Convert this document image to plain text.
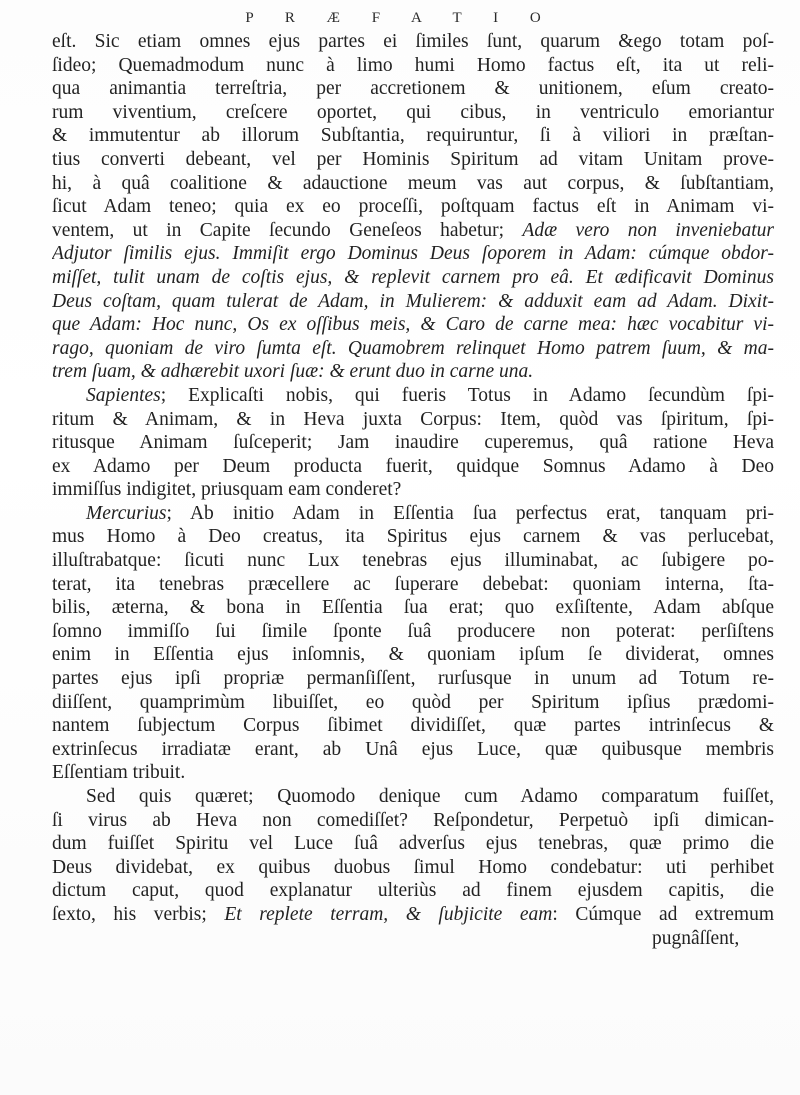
P R Æ F A T I O
eſt. Sic etiam omnes ejus partes ei ſimiles ſunt, quarum &ego totam poſ-
ſideo; Quemadmodum nunc à limo humi Homo factus eſt, ita ut reli-
qua animantia terreſtria, per accretionem & unitionem, eſum creato-
rum viventium, creſcere oportet, qui cibus, in ventriculo emoriantur
& immutentur ab illorum Subſtantia, requiruntur, ſi à viliori in præſtan-
tius converti debeant, vel per Hominis Spiritum ad vitam Unitam prove-
hi, à quâ coalitione & adauctione meum vas aut corpus, & ſubſtantiam,
ſicut Adam teneo; quia ex eo proceſſi, poſtquam factus eſt in Animam vi-
ventem, ut in Capite ſecundo Geneſeos habetur; Adæ vero non inveniebatur
Adjutor ſimilis ejus. Immiſit ergo Dominus Deus ſoporem in Adam: cúmque obdor-
miſſet, tulit unam de coſtis ejus, & replevit carnem pro eâ. Et ædificavit Dominus
Deus coſtam, quam tulerat de Adam, in Mulierem: & adduxit eam ad Adam. Dixit-
que Adam: Hoc nunc, Os ex oſſibus meis, & Caro de carne mea: hæc vocabitur vi-
rago, quoniam de viro ſumta eſt. Quamobrem relinquet Homo patrem ſuum, & ma-
trem ſuam, & adhærebit uxori ſuæ: & erunt duo in carne una.
Sapientes; Explicaſti nobis, qui fueris Totus in Adamo ſecundùm ſpi-
ritum & Animam, & in Heva juxta Corpus: Item, quòd vas ſpiritum, ſpi-
ritusque Animam ſuſceperit; Jam inaudire cuperemus, quâ ratione Heva
ex Adamo per Deum producta fuerit, quidque Somnus Adamo à Deo
immiſſus indigitet, priusquam eam conderet?
Mercurius; Ab initio Adam in Eſſentia ſua perfectus erat, tanquam pri-
mus Homo à Deo creatus, ita Spiritus ejus carnem & vas perlucebat,
illuſtrabatque: ſicuti nunc Lux tenebras ejus illuminabat, ac ſubigere po-
terat, ita tenebras præcellere ac ſuperare debebat: quoniam interna, ſta-
bilis, æterna, & bona in Eſſentia ſua erat; quo exſiſtente, Adam abſque
ſomno immiſſo ſui ſimile ſponte ſuâ producere non poterat: perſiſtens
enim in Eſſentia ejus inſomnis, & quoniam ipſum ſe dividerat, omnes
partes ejus ipſi propriæ permanſiſſent, rurſusque in unum ad Totum re-
diiſſent, quamprimùm libuiſſet, eo quòd per Spiritum ipſius prædomi-
nantem ſubjectum Corpus ſibimet dividiſſet, quæ partes intrinſecus &
extrinſecus irradiatæ erant, ab Unâ ejus Luce, quæ quibusque membris
Eſſentiam tribuit.
Sed quis quæret; Quomodo denique cum Adamo comparatum fuiſſet,
ſi virus ab Heva non comediſſet? Reſpondetur, Perpetuò ipſi dimican-
dum fuiſſet Spiritu vel Luce ſuâ adverſus ejus tenebras, quæ primo die
Deus dividebat, ex quibus duobus ſimul Homo condebatur: uti perhibet
dictum caput, quod explanatur ulteriùs ad finem ejusdem capitis, die
ſexto, his verbis; Et replete terram, & ſubjicite eam: Cúmque ad extremum
pugnâſſent,
